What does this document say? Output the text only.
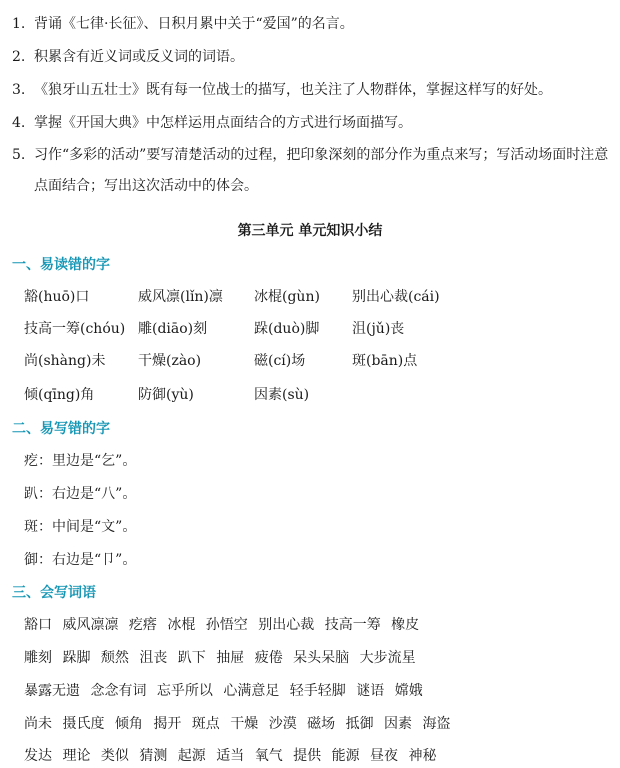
1. 背诵《七律·长征》、日积月累中关于“爱国”的名言。
2. 积累含有近义词或反义词的词语。
3. 《狼牙山五壮士》既有每一位战士的描写，也关注了人物群体，掌握这样写的好处。
4. 掌握《开国大典》中怎样运用点面结合的方式进行场面描写。
5. 习作“多彩的活动”要写清楚活动的过程，把印象深刻的部分作为重点来写；写活动场面时注意点面结合；写出这次活动中的体会。
第三单元 单元知识小结
一、易读错的字
豁(huō)口	威风凛(lǐn)凛 冰棍(gùn) 别出心裁(cái)
技高一筹(chóu) 雕(diāo)刻	跺(duò)脚 沮(jǔ)丧
尚(shàng)未 干燥(zào)	磁(cí)场	斑(bān)点
倾(qīng)角	防御(yù)	因素(sù)
二、易写错的字
疙：里边是“乞”。
趴：右边是“八”。
斑：中间是“文”。
御：右边是“卩”。
三、会写词语
豁口 威风凛凛 疙瘩 冰棍 孙悟空 别出心裁 技高一筹 橡皮
雕刻 跺脚 颓然 沮丧 趴下 抽屉 疲倦 呆头呆脑 大步流星
暴露无遗 念念有词 忘乎所以 心满意足 轻手轻脚 谜语 嫦娥
尚未 摄氏度 倾角 揭开 斑点 干燥 沙漠 磁场 抵御 因素 海盗
发达 理论 类似 猜测 起源 适当 氧气 提供 能源 昼夜 神秘
